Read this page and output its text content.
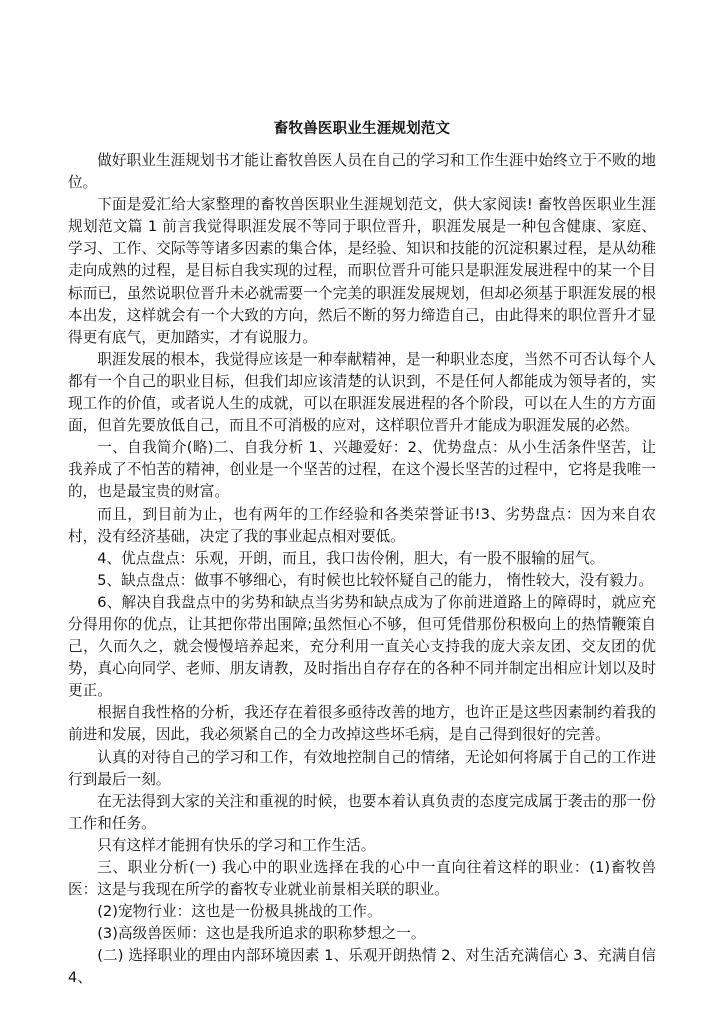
畜牧兽医职业生涯规划范文

做好职业生涯规划书才能让畜牧兽医人员在自己的学习和工作生涯中始终立于不败的地位。

下面是爱汇给大家整理的畜牧兽医职业生涯规划范文，供大家阅读! 畜牧兽医职业生涯规划范文篇 1 前言我觉得职涯发展不等同于职位晋升，职涯发展是一种包含健康、家庭、学习、工作、交际等等诸多因素的集合体，是经验、知识和技能的沉淀积累过程，是从幼稚走向成熟的过程，是目标自我实现的过程，而职位晋升可能只是职涯发展进程中的某一个目标而已，虽然说职位晋升未必就需要一个完美的职涯发展规划，但却必须基于职涯发展的根本出发，这样就会有一个大致的方向，然后不断的努力缔造自己，由此得来的职位晋升才显得更有底气，更加踏实，才有说服力。

职涯发展的根本，我觉得应该是一种奉献精神，是一种职业态度，当然不可否认每个人都有一个自己的职业目标，但我们却应该清楚的认识到，不是任何人都能成为领导者的，实现工作的价值，或者说人生的成就，可以在职涯发展进程的各个阶段，可以在人生的方方面面，但首先要放低自己，而且不可消极的应对，这样职位晋升才能成为职涯发展的必然。

一、自我简介(略)二、自我分析 1、兴趣爱好：2、优势盘点：从小生活条件坚苦，让我养成了不怕苦的精神，创业是一个坚苦的过程，在这个漫长坚苦的过程中，它将是我唯一的，也是最宝贵的财富。

而且，到目前为止，也有两年的工作经验和各类荣誉证书!3、劣势盘点：因为来自农村，没有经济基础，决定了我的事业起点相对要低。

4、优点盘点：乐观，开朗，而且，我口齿伶俐，胆大，有一股不服输的屈气。

5、缺点盘点：做事不够细心，有时候也比较怀疑自己的能力， 惰性较大，没有毅力。

6、解决自我盘点中的劣势和缺点当劣势和缺点成为了你前进道路上的障碍时，就应充分得用你的优点，让其把你带出围障;虽然恒心不够，但可凭借那份积极向上的热情鞭策自己，久而久之，就会慢慢培养起来，充分利用一直关心支持我的庞大亲友团、交友团的优势，真心向同学、老师、朋友请教，及时指出自存存在的各种不同并制定出相应计划以及时更正。

根据自我性格的分析，我还存在着很多亟待改善的地方，也许正是这些因素制约着我的前进和发展，因此，我必须紧自己的全力改掉这些坏毛病，是自己得到很好的完善。

认真的对待自己的学习和工作，有效地控制自己的情绪，无论如何将属于自己的工作进行到最后一刻。

在无法得到大家的关注和重视的时候，也要本着认真负责的态度完成属于袭击的那一份工作和任务。

只有这样才能拥有快乐的学习和工作生活。

三、职业分析(一) 我心中的职业选择在我的心中一直向往着这样的职业：(1)畜牧兽医：这是与我现在所学的畜牧专业就业前景相关联的职业。

(2)宠物行业：这也是一份极具挑战的工作。

(3)高级兽医师：这也是我所追求的职称梦想之一。

(二) 选择职业的理由内部环境因素 1、乐观开朗热情 2、对生活充满信心 3、充满自信 4、
